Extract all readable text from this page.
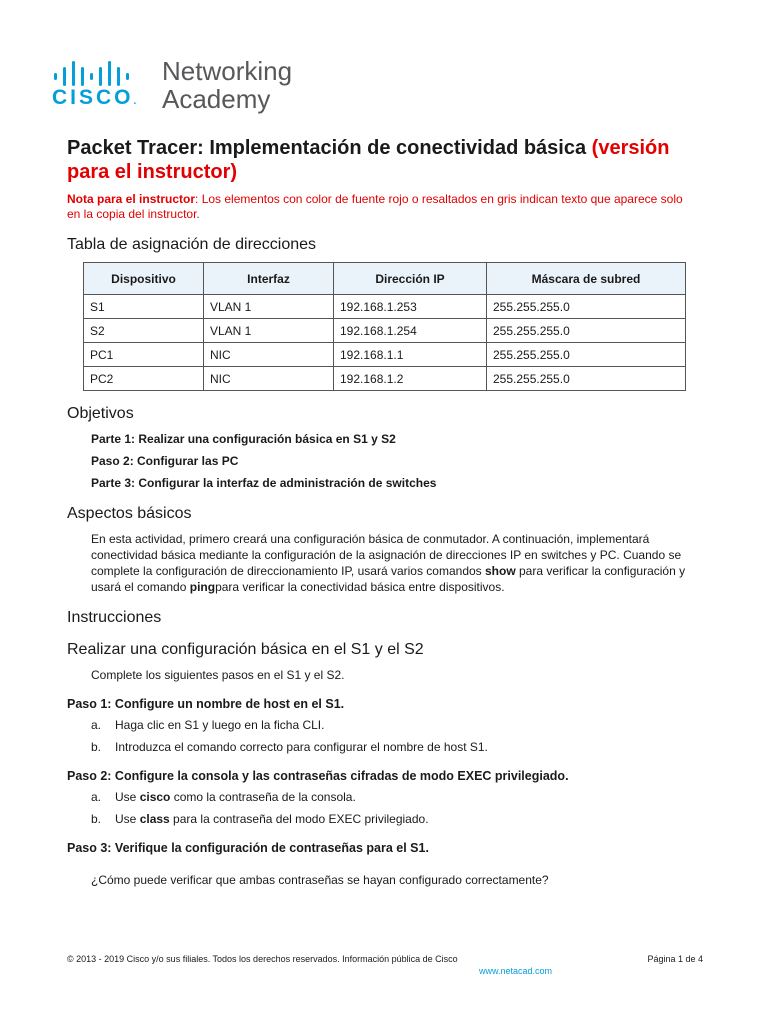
CISCO.
Networking
Academy
Packet Tracer: Implementación de conectividad básica (versión para el instructor)
Nota para el instructor: Los elementos con color de fuente rojo o resaltados en gris indican texto que aparece solo en la copia del instructor.
Tabla de asignación de direcciones
Dispositivo	Interfaz	Dirección IP	Máscara de subred
S1	VLAN 1	192.168.1.253	255.255.255.0
S2	VLAN 1	192.168.1.254	255.255.255.0
PC1	NIC	192.168.1.1	255.255.255.0
PC2	NIC	192.168.1.2	255.255.255.0
Objetivos
Parte 1: Realizar una configuración básica en S1 y S2
Paso 2: Configurar las PC
Parte 3: Configurar la interfaz de administración de switches
Aspectos básicos

En esta actividad, primero creará una configuración básica de conmutador. A continuación, implementará conectividad básica mediante la configuración de la asignación de direcciones IP en switches y PC. Cuando se complete la configuración de direccionamiento IP, usará varios comandos show para verificar la configuración y usará el comando pingpara verificar la conectividad básica entre dispositivos.

Instrucciones
Realizar una configuración básica en el S1 y el S2
Complete los siguientes pasos en el S1 y el S2.
Paso 1: Configure un nombre de host en el S1.
a.	Haga clic en S1 y luego en la ficha CLI.
b.	Introduzca el comando correcto para configurar el nombre de host S1.
Paso 2: Configure la consola y las contraseñas cifradas de modo EXEC privilegiado.
a.	Use cisco como la contraseña de la consola.
b.	Use class para la contraseña del modo EXEC privilegiado.
Paso 3: Verifique la configuración de contraseñas para el S1.
¿Cómo puede verificar que ambas contraseñas se hayan configurado correctamente?
© 2013 - 2019 Cisco y/o sus filiales. Todos los derechos reservados. Información pública de Cisco	Página 1 de 4
www.netacad.com
